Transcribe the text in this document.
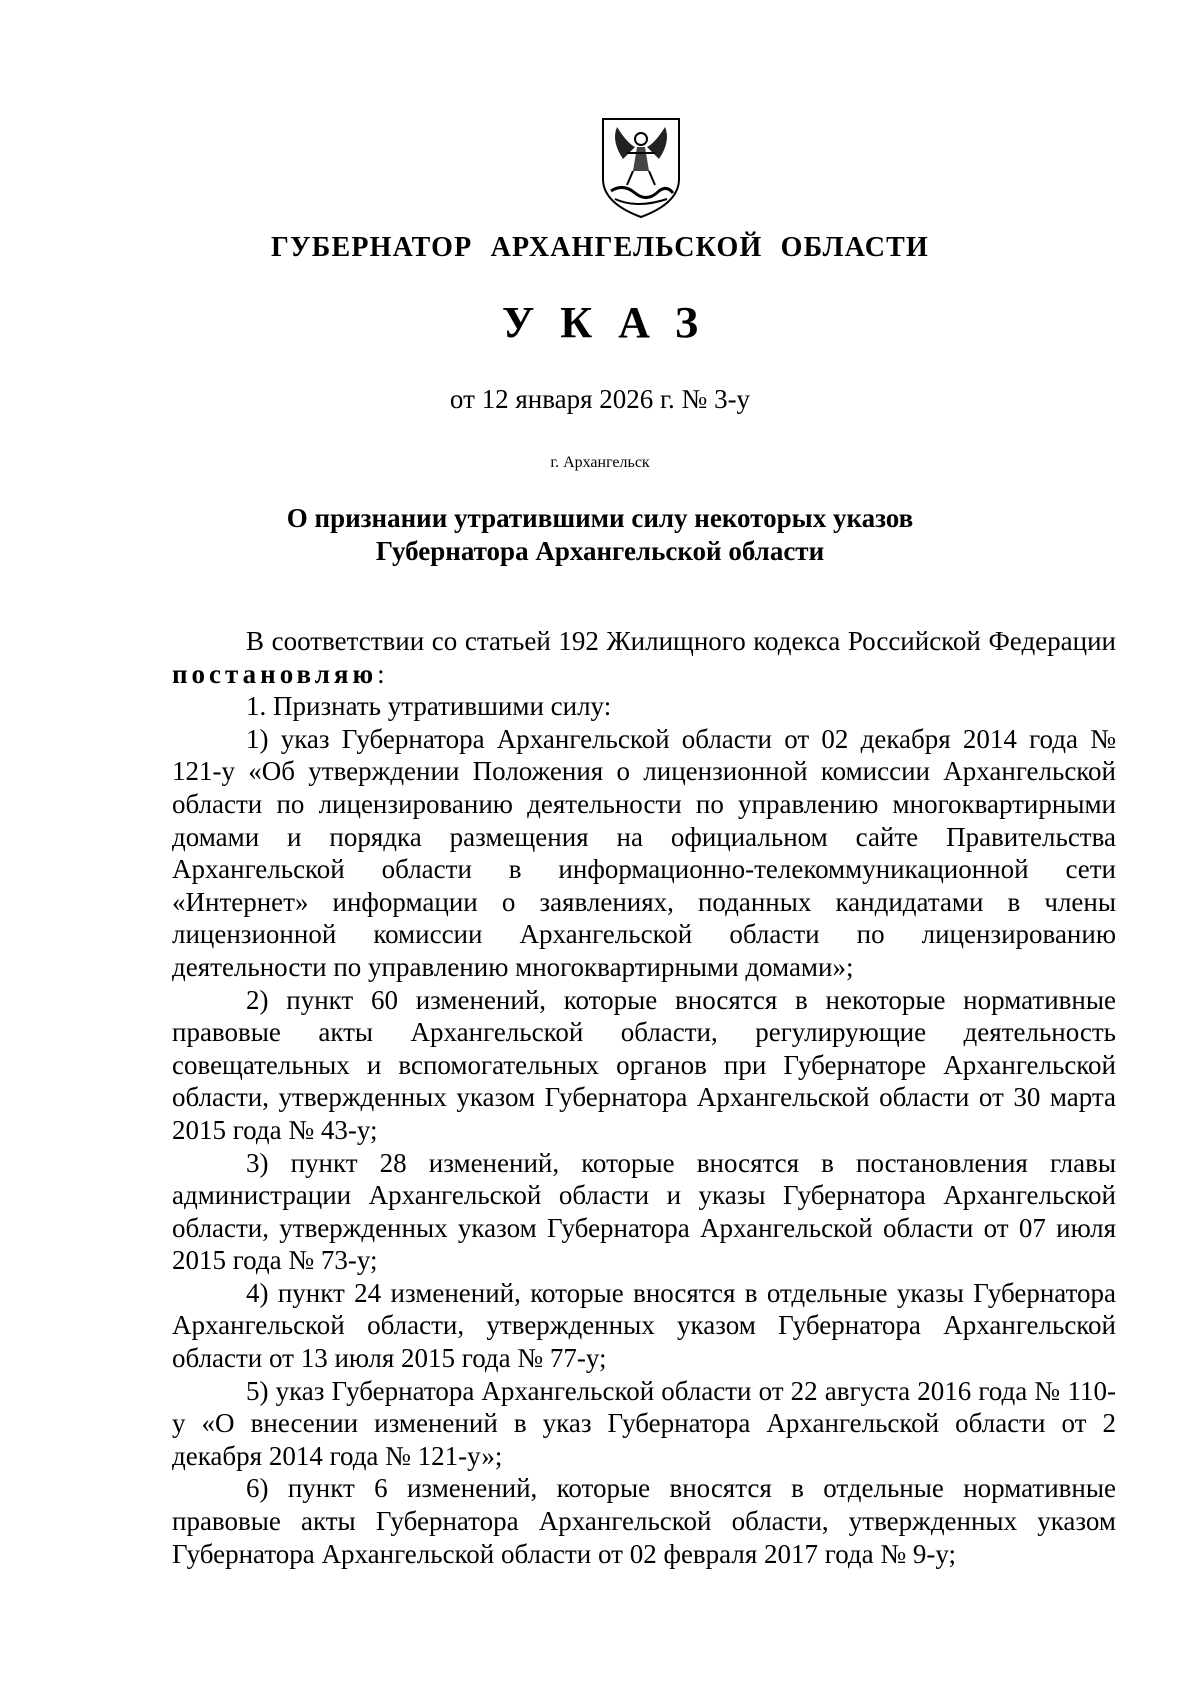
ГУБЕРНАТОР АРХАНГЕЛЬСКОЙ ОБЛАСТИ
УКАЗ
от 12 января 2026 г. № 3-у
г. Архангельск
О признании утратившими силу некоторых указов
Губернатора Архангельской области

В соответствии со статьей 192 Жилищного кодекса Российской Федерации постановляю:

1. Признать утратившими силу:

1) указ Губернатора Архангельской области от 02 декабря 2014 года № 121-у «Об утверждении Положения о лицензионной комиссии Архангельской области по лицензированию деятельности по управлению многоквартирными домами и порядка размещения на официальном сайте Правительства Архангельской области в информационно-телекоммуникационной сети «Интернет» информации о заявлениях, поданных кандидатами в члены лицензионной комиссии Архангельской области по лицензированию деятельности по управлению многоквартирными домами»;

2) пункт 60 изменений, которые вносятся в некоторые нормативные правовые акты Архангельской области, регулирующие деятельность совещательных и вспомогательных органов при Губернаторе Архангельской области, утвержденных указом Губернатора Архангельской области от 30 марта 2015 года № 43-у;

3) пункт 28 изменений, которые вносятся в постановления главы администрации Архангельской области и указы Губернатора Архангельской области, утвержденных указом Губернатора Архангельской области от 07 июля 2015 года № 73-у;

4) пункт 24 изменений, которые вносятся в отдельные указы Губернатора Архангельской области, утвержденных указом Губернатора Архангельской области от 13 июля 2015 года № 77-у;

5) указ Губернатора Архангельской области от 22 августа 2016 года № 110-у «О внесении изменений в указ Губернатора Архангельской области от 2 декабря 2014 года № 121-у»;

6) пункт 6 изменений, которые вносятся в отдельные нормативные правовые акты Губернатора Архангельской области, утвержденных указом Губернатора Архангельской области от 02 февраля 2017 года № 9-у;
